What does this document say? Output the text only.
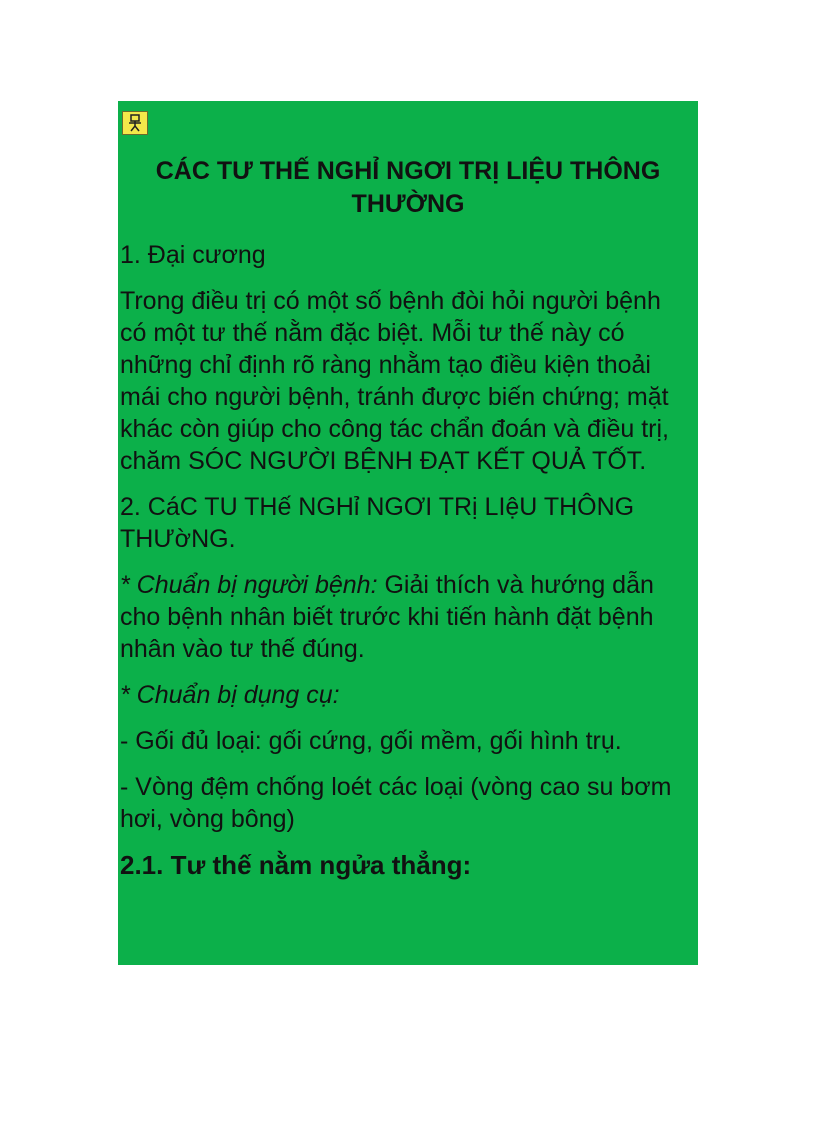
CÁC TƯ THẾ NGHỈ NGƠI TRỊ LIỆU THÔNG THƯỜNG

1. Đại cương

Trong điều trị có một số bệnh đòi hỏi người bệnh có một tư thế nằm đặc biệt. Mỗi tư thế này có những chỉ định rõ ràng nhằm tạo điều kiện thoải mái cho người bệnh, tránh được biến chứng; mặt khác còn giúp cho công tác chẩn đoán và điều trị, chăm SÓC NGƯỜI BỆNH ĐẠT KẾT QUẢ TỐT.

2. CáC TU THế NGHỉ NGƠI TRị LIệU THÔNG THƯờNG.

* Chuẩn bị người bệnh: Giải thích và hướng dẫn cho bệnh nhân biết trước khi tiến hành đặt bệnh nhân vào tư thế đúng.

* Chuẩn bị dụng cụ:

- Gối đủ loại: gối cứng, gối mềm, gối hình trụ.

- Vòng đệm chống loét các loại (vòng cao su bơm hơi, vòng bông)

2.1. Tư thế nằm ngửa thẳng:
